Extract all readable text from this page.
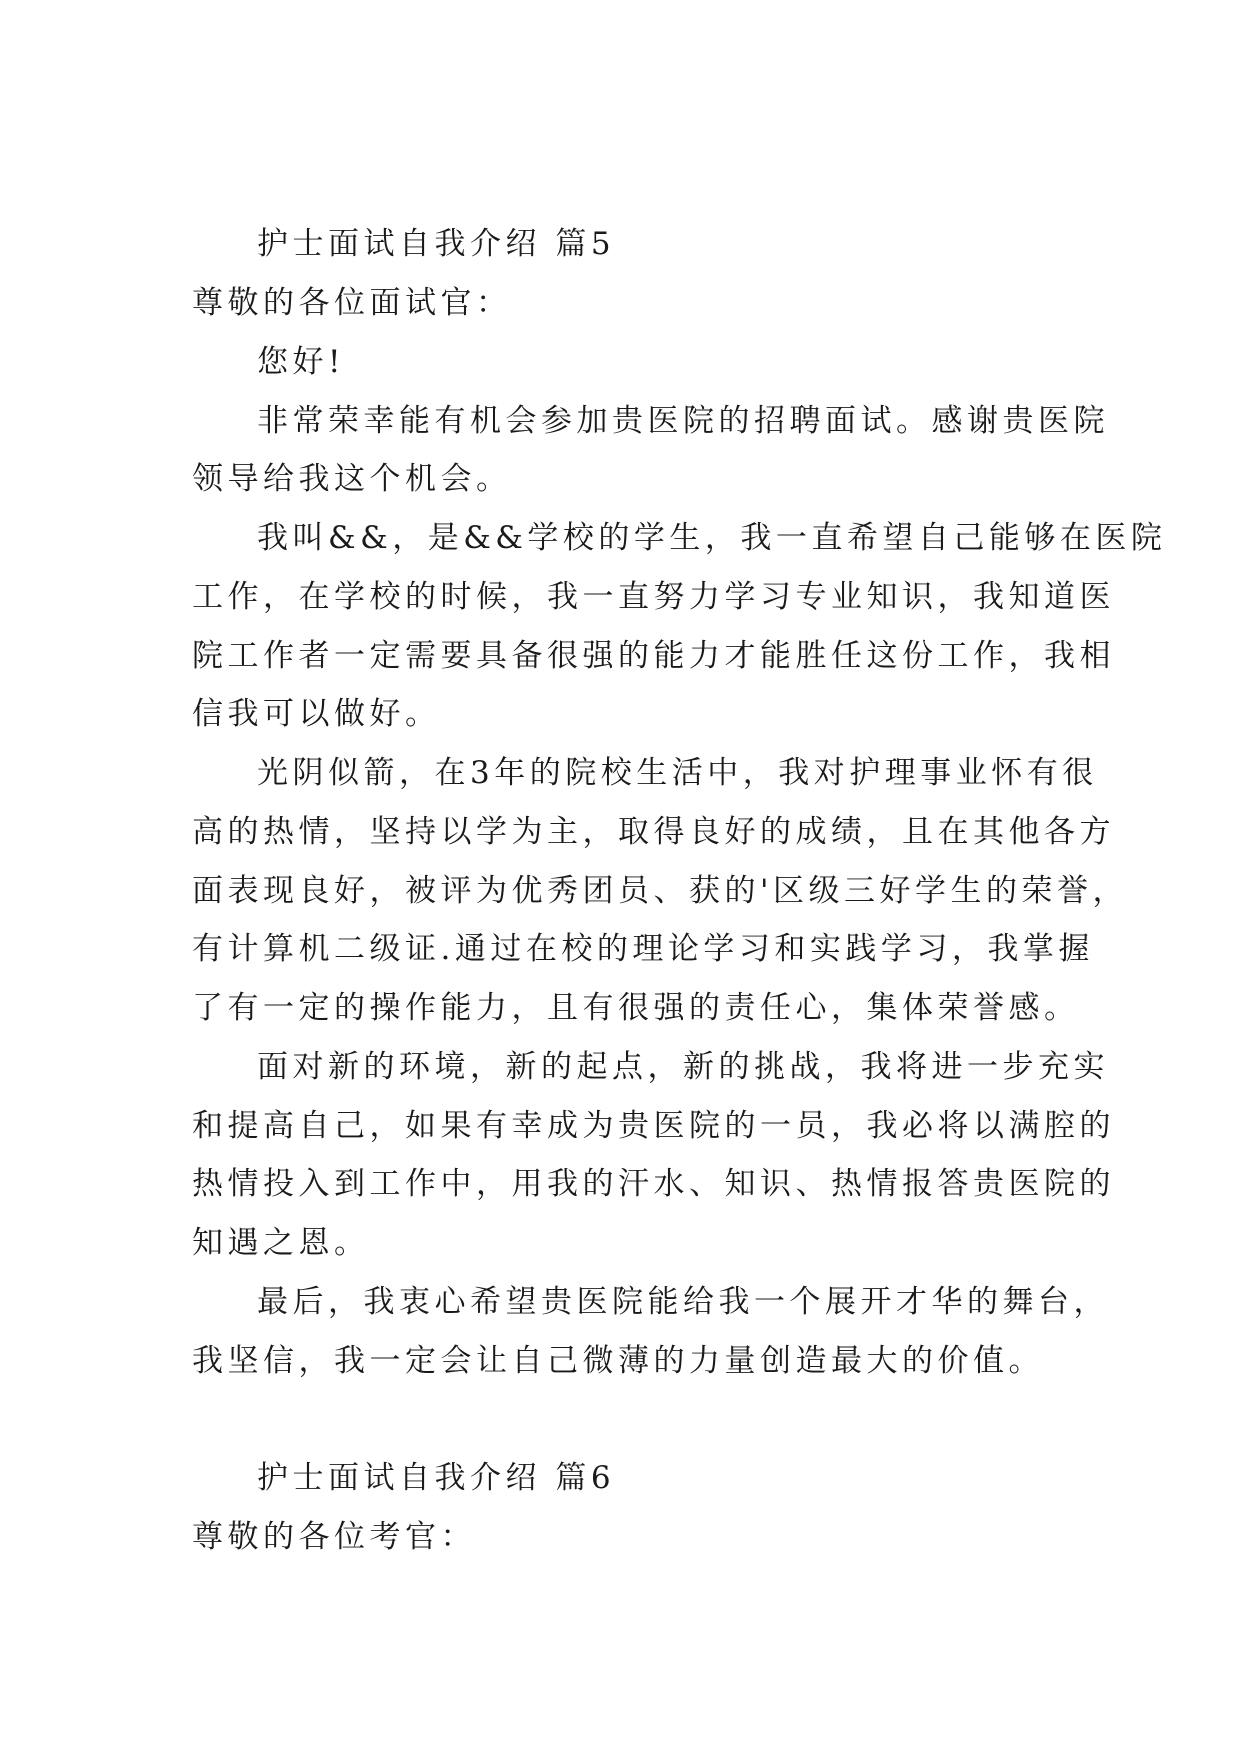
护士面试自我介绍 篇5
尊敬的各位面试官：
您好!
非常荣幸能有机会参加贵医院的招聘面试。感谢贵医院
领导给我这个机会。
我叫&&，是&&学校的学生，我一直希望自己能够在医院
工作，在学校的时候，我一直努力学习专业知识，我知道医
院工作者一定需要具备很强的能力才能胜任这份工作，我相
信我可以做好。
光阴似箭，在3年的院校生活中，我对护理事业怀有很
高的热情，坚持以学为主，取得良好的成绩，且在其他各方
面表现良好，被评为优秀团员、获的'区级三好学生的荣誉，
有计算机二级证.通过在校的理论学习和实践学习，我掌握
了有一定的操作能力，且有很强的责任心，集体荣誉感。
面对新的环境，新的起点，新的挑战，我将进一步充实
和提高自己，如果有幸成为贵医院的一员，我必将以满腔的
热情投入到工作中，用我的汗水、知识、热情报答贵医院的
知遇之恩。
最后，我衷心希望贵医院能给我一个展开才华的舞台，
我坚信，我一定会让自己微薄的力量创造最大的价值。
护士面试自我介绍 篇6
尊敬的各位考官：
